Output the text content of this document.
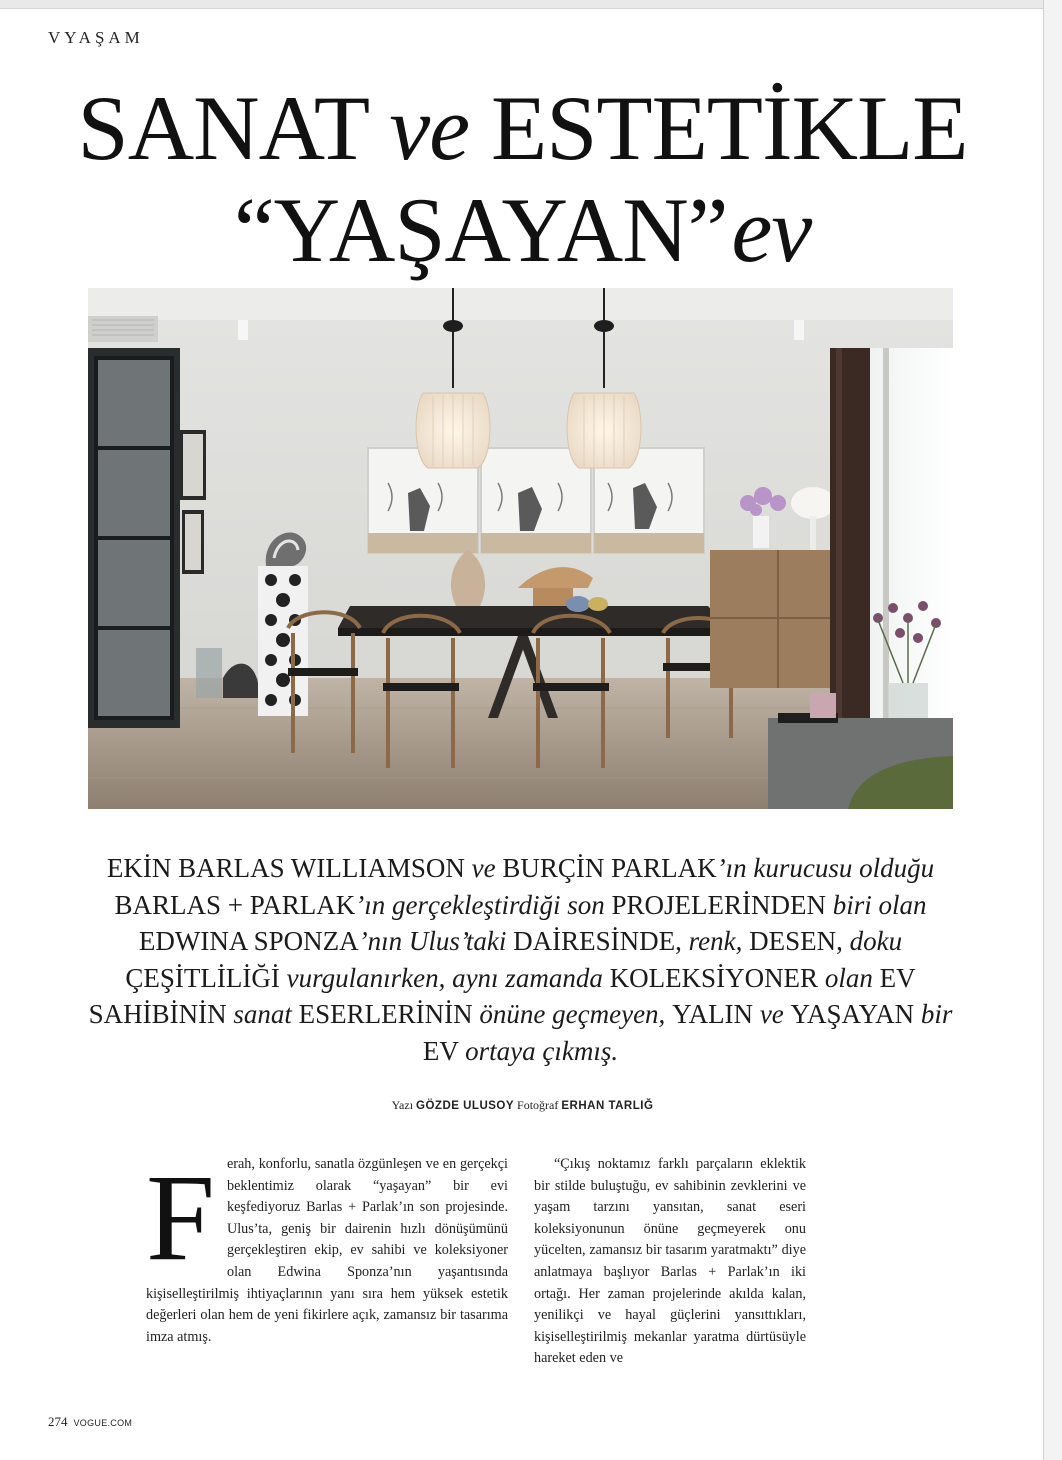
VYAŞAM
SANAT ve ESTETİKLE
“YAŞAYAN”ev
EKİN BARLAS WILLIAMSON ve BURÇİN PARLAK’ın kurucusu olduğu BARLAS + PARLAK’ın gerçekleştirdiği son PROJELERİNDEN biri olan EDWINA SPONZA’nın Ulus’taki DAİRESİNDE, renk, DESEN, doku ÇEŞİTLİLİĞİ vurgulanırken, aynı zamanda KOLEKSİYONER olan EV SAHİBİNİN sanat ESERLERİNİN önüne geçmeyen, YALIN ve YAŞAYAN bir EV ortaya çıkmış.
Yazı GÖZDE ULUSOY Fotoğraf ERHAN TARLIĞ
F erah, konforlu, sanatla özgünleşen ve en gerçekçi beklentimiz olarak “yaşayan” bir evi keşfediyoruz Barlas + Parlak’ın son projesinde. Ulus’ta, geniş bir dairenin hızlı dönüşümünü gerçekleştiren ekip, ev sahibi ve koleksiyoner olan Edwina Sponza’nın yaşantısında kişiselleştirilmiş ihtiyaçlarının yanı sıra hem yüksek estetik değerleri olan hem de yeni fikirlere açık, zamansız bir tasarıma imza atmış.

“Çıkış noktamız farklı parçaların eklektik bir stilde buluştuğu, ev sahibinin zevklerini ve yaşam tarzını yansıtan, sanat eseri koleksiyonunun önüne geçmeyerek onu yücelten, zamansız bir tasarım yaratmaktı” diye anlatmaya başlıyor Barlas + Parlak’ın iki ortağı. Her zaman projelerinde akılda kalan, yenilikçi ve hayal güçlerini yansıttıkları, kişiselleştirilmiş mekanlar yaratma dürtüsüyle hareket eden ve

274 VOGUE.COM
